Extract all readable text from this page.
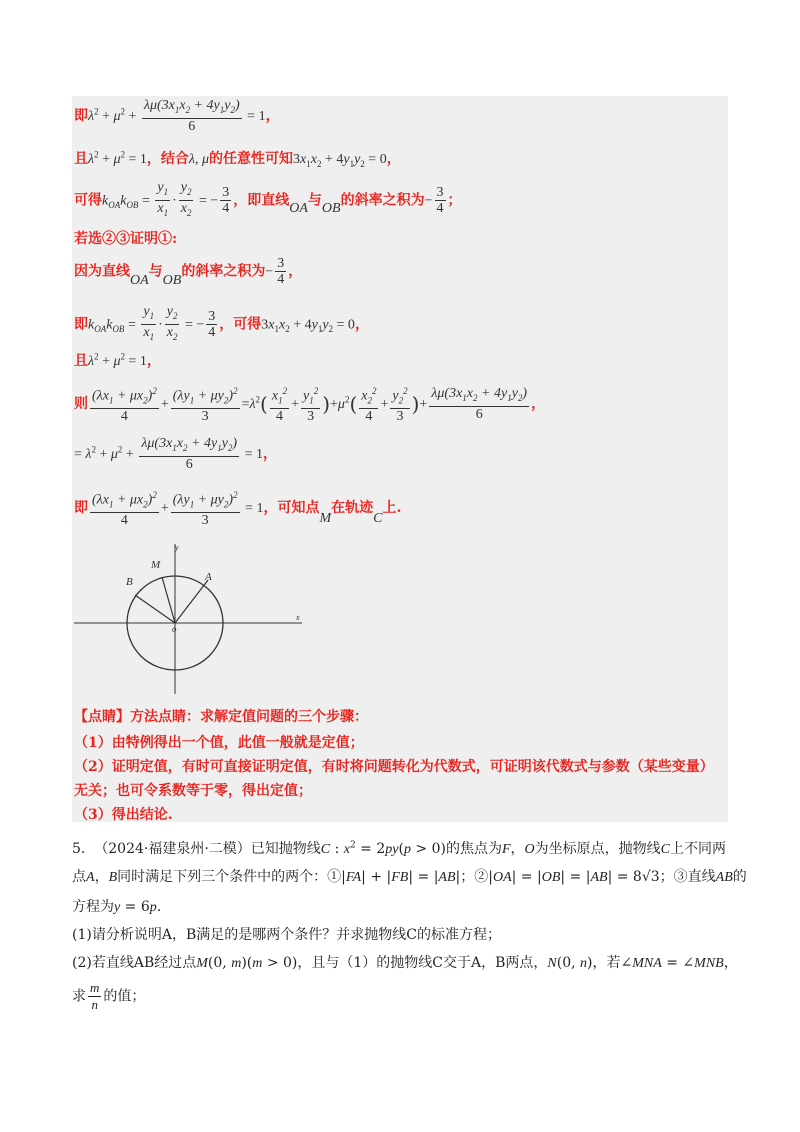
即$\lambda^2 + \mu^2 + \frac{\lambda\mu(3x_1x_2 + 4y_1y_2)}{6} = 1$，
且$\lambda^2 + \mu^2 = 1$，结合λ, μ的任意性可知$3x_1x_2 + 4y_1y_2 = 0$，
可得$k_{OA}k_{OB} = \frac{y_1}{x_1} \cdot \frac{y_2}{x_2}$ = − $\frac{3}{4}$ ，即直线OA与OB的斜率之积为− $\frac{3}{4}$ ；
若选②③证明①:
因为直线OA与OB的斜率之积为− $\frac{3}{4}$ ，
即$k_{OA}k_{OB} = \frac{y_1}{x_1} \cdot \frac{y_2}{x_2}$ = − $\frac{3}{4}$ ，可得$3x_1x_2 + 4y_1y_2 = 0$，
且$\lambda^2 + \mu^2 = 1$，
则 $\frac{(\lambda x_1 + \mu x_2)^2}{4} + \frac{(\lambda y_1 + \mu y_2)^2}{3} =\lambda^2( \frac{x_1^2}{4} + \frac{y_1^2}{3} )+\mu^2( \frac{x_2^2}{4} + \frac{y_2^2}{3}$ )+ $\frac{\lambda\mu(3x_1x_2 + 4y_1y_2)}{6}$ ，
= $\lambda^2 + \mu^2 + \frac{\lambda\mu(3x_1x_2 + 4y_1y_2)}{6} = 1$，
即 $\frac{(\lambda x_1 + \mu x_2)^2}{4} + \frac{(\lambda y_1 + \mu y_2)^2}{3} = 1$，可知点M在轨迹C上.
y
x
o
M
B	A
【点睛】方法点睛：求解定值问题的三个步骤：
（1）由特例得出一个值，此值一般就是定值；
（2）证明定值，有时可直接证明定值，有时将问题转化为代数式，可证明该代数式与参数（某些变量）
无关；也可令系数等于零，得出定值；
（3）得出结论.
5. （2024·福建泉州·二模）已知抛物线C : $x^2 = 2py(p > 0)$的焦点为F，O为坐标原点，抛物线C上不同两
点A，B同时满足下列三个条件中的两个：①|FA| + |FB| = |AB|；②|OA| = |OB| = |AB| = 8√3；③直线AB的
方程为y = 6p.
(1)请分析说明A，B满足的是哪两个条件？并求抛物线C的标准方程；
(2)若直线AB经过点M(0, m)(m > 0)，且与（1）的抛物线C交于A，B两点，N(0, n)，若∠MNA = ∠MNB，
求 $\frac{m}{n}$ 的值；
